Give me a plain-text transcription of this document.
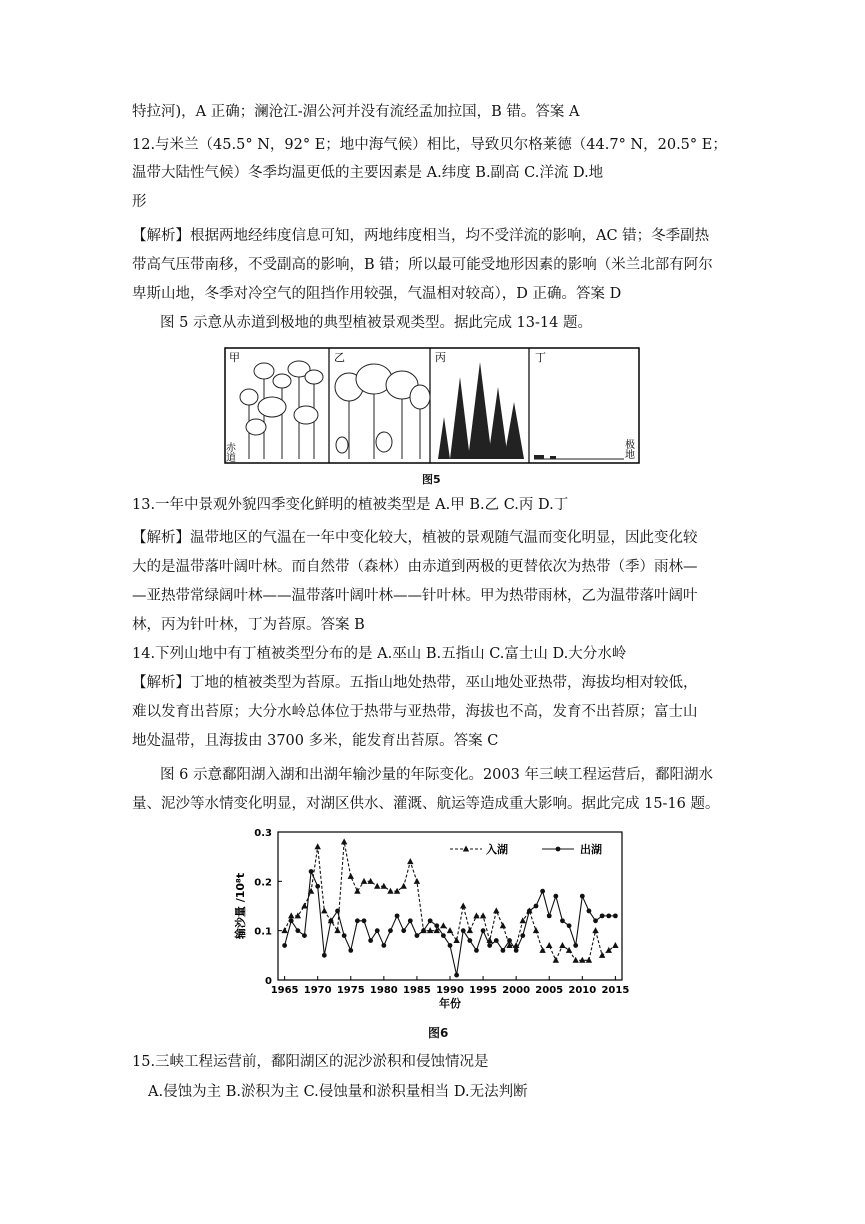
特拉河)，A 正确；澜沧江-湄公河并没有流经孟加拉国，B 错。答案 A
12.与米兰（45.5° N，92° E；地中海气候）相比，导致贝尔格莱德（44.7° N，20.5° E；
温带大陆性气候）冬季均温更低的主要因素是 A.纬度 B.副高 C.洋流 D.地
形
【解析】根据两地经纬度信息可知，两地纬度相当，均不受洋流的影响，AC 错；冬季副热
带高气压带南移，不受副高的影响，B 错；所以最可能受地形因素的影响（米兰北部有阿尔
卑斯山地，冬季对冷空气的阻挡作用较强，气温相对较高），D 正确。答案 D
图 5 示意从赤道到极地的典型植被景观类型。据此完成 13-14 题。
甲	乙	丙	丁
赤道	极地
图5
13.一年中景观外貌四季变化鲜明的植被类型是 A.甲 B.乙 C.丙 D.丁
【解析】温带地区的气温在一年中变化较大，植被的景观随气温而变化明显，因此变化较
大的是温带落叶阔叶林。而自然带（森林）由赤道到两极的更替依次为热带（季）雨林—
—亚热带常绿阔叶林——温带落叶阔叶林——针叶林。甲为热带雨林，乙为温带落叶阔叶
林，丙为针叶林，丁为苔原。答案 B
14.下列山地中有丁植被类型分布的是 A.巫山 B.五指山 C.富士山 D.大分水岭
【解析】丁地的植被类型为苔原。五指山地处热带，巫山地处亚热带，海拔均相对较低，
难以发育出苔原；大分水岭总体位于热带与亚热带，海拔也不高，发育不出苔原；富士山
地处温带，且海拔由 3700 多米，能发育出苔原。答案 C
图 6 示意鄱阳湖入湖和出湖年输沙量的年际变化。2003 年三峡工程运营后，鄱阳湖水
量、泥沙等水情变化明显，对湖区供水、灌溉、航运等造成重大影响。据此完成 15-16 题。
0
0.1
0.2
0.3
1965 1970 1975 1980 1985 1990 1995 2000 2005 2010 2015
年份
输沙量 /10⁸t
入湖	出湖
图6
15.三峡工程运营前，鄱阳湖区的泥沙淤积和侵蚀情况是
A.侵蚀为主 B.淤积为主 C.侵蚀量和淤积量相当 D.无法判断
